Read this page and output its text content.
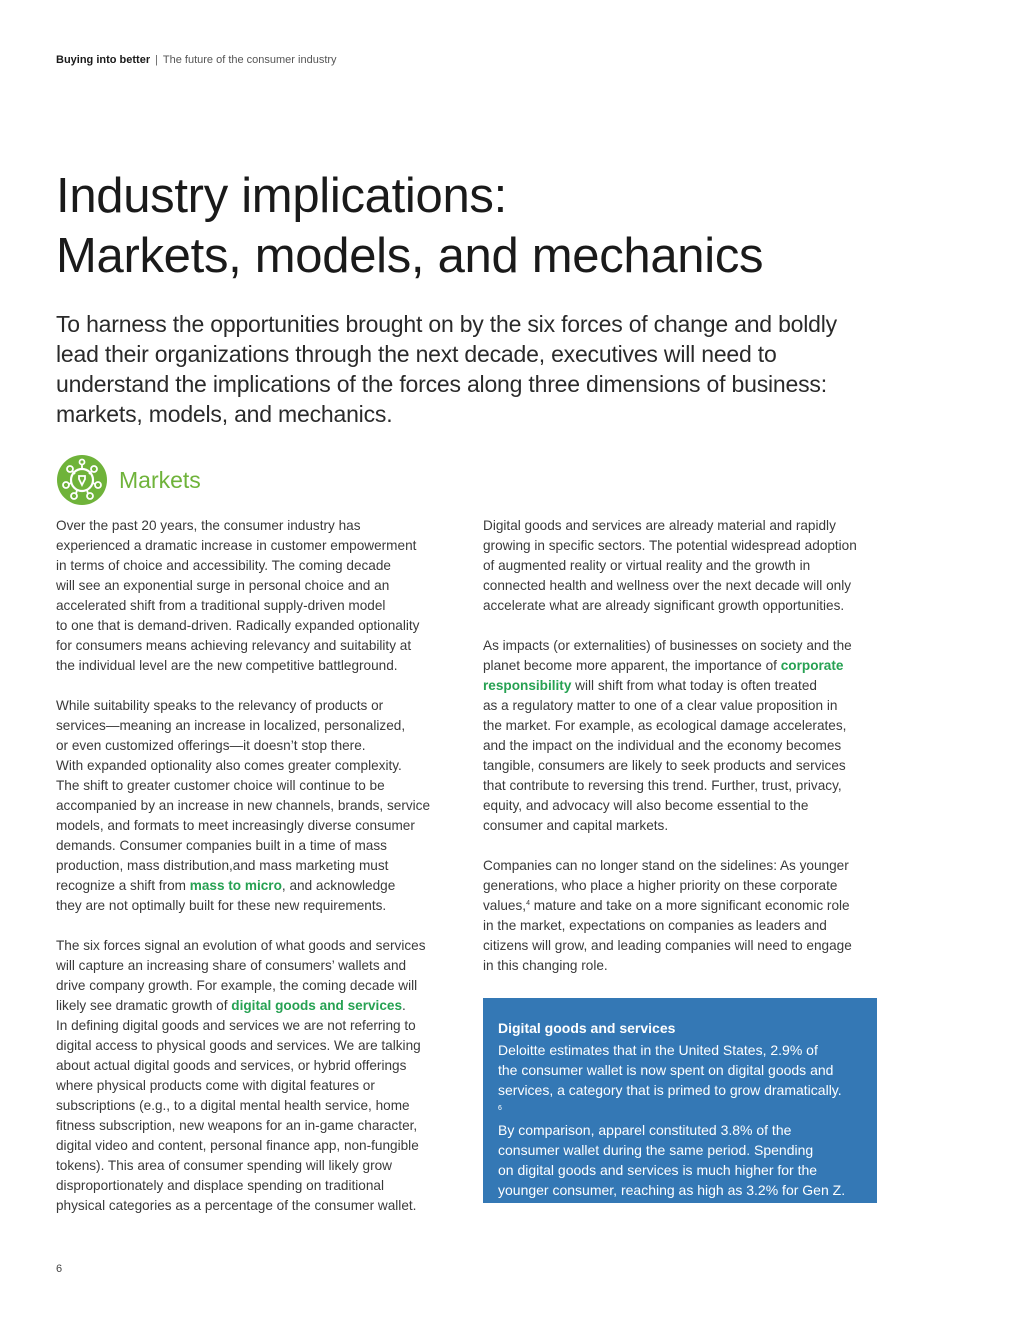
Buying into better | The future of the consumer industry
Industry implications:
Markets, models, and mechanics

To harness the opportunities brought on by the six forces of change and boldly
lead their organizations through the next decade, executives will need to
understand the implications of the forces along three dimensions of business:
markets, models, and mechanics.

Markets

Over the past 20 years, the consumer industry has
experienced a dramatic increase in customer empowerment
in terms of choice and accessibility. The coming decade
will see an exponential surge in personal choice and an
accelerated shift from a traditional supply-driven model
to one that is demand-driven. Radically expanded optionality
for consumers means achieving relevancy and suitability at
the individual level are the new competitive battleground.

While suitability speaks to the relevancy of products or
services—meaning an increase in localized, personalized,
or even customized offerings—it doesn’t stop there.
With expanded optionality also comes greater complexity.
The shift to greater customer choice will continue to be
accompanied by an increase in new channels, brands, service
models, and formats to meet increasingly diverse consumer
demands. Consumer companies built in a time of mass
production, mass distribution,and mass marketing must
recognize a shift from mass to micro, and acknowledge
they are not optimally built for these new requirements.

The six forces signal an evolution of what goods and services
will capture an increasing share of consumers’ wallets and
drive company growth. For example, the coming decade will
likely see dramatic growth of digital goods and services.
In defining digital goods and services we are not referring to
digital access to physical goods and services. We are talking
about actual digital goods and services, or hybrid offerings
where physical products come with digital features or
subscriptions (e.g., to a digital mental health service, home
fitness subscription, new weapons for an in-game character,
digital video and content, personal finance app, non-fungible
tokens). This area of consumer spending will likely grow
disproportionately and displace spending on traditional
physical categories as a percentage of the consumer wallet.

Digital goods and services are already material and rapidly
growing in specific sectors. The potential widespread adoption
of augmented reality or virtual reality and the growth in
connected health and wellness over the next decade will only
accelerate what are already significant growth opportunities.

As impacts (or externalities) of businesses on society and the
planet become more apparent, the importance of corporate
responsibility will shift from what today is often treated
as a regulatory matter to one of a clear value proposition in
the market. For example, as ecological damage accelerates,
and the impact on the individual and the economy becomes
tangible, consumers are likely to seek products and services
that contribute to reversing this trend. Further, trust, privacy,
equity, and advocacy will also become essential to the
consumer and capital markets.

Companies can no longer stand on the sidelines: As younger
generations, who place a higher priority on these corporate
values,$^4$ mature and take on a more significant economic role
in the market, expectations on companies as leaders and
citizens will grow, and leading companies will need to engage
in this changing role.

Digital goods and services
Deloitte estimates that in the United States, 2.9% of
the consumer wallet is now spent on digital goods and
services, a category that is primed to grow dramatically.
$^6$
By comparison, apparel constituted 3.8% of the
consumer wallet during the same period. Spending
on digital goods and services is much higher for the
younger consumer, reaching as high as 3.2% for Gen Z.
6
